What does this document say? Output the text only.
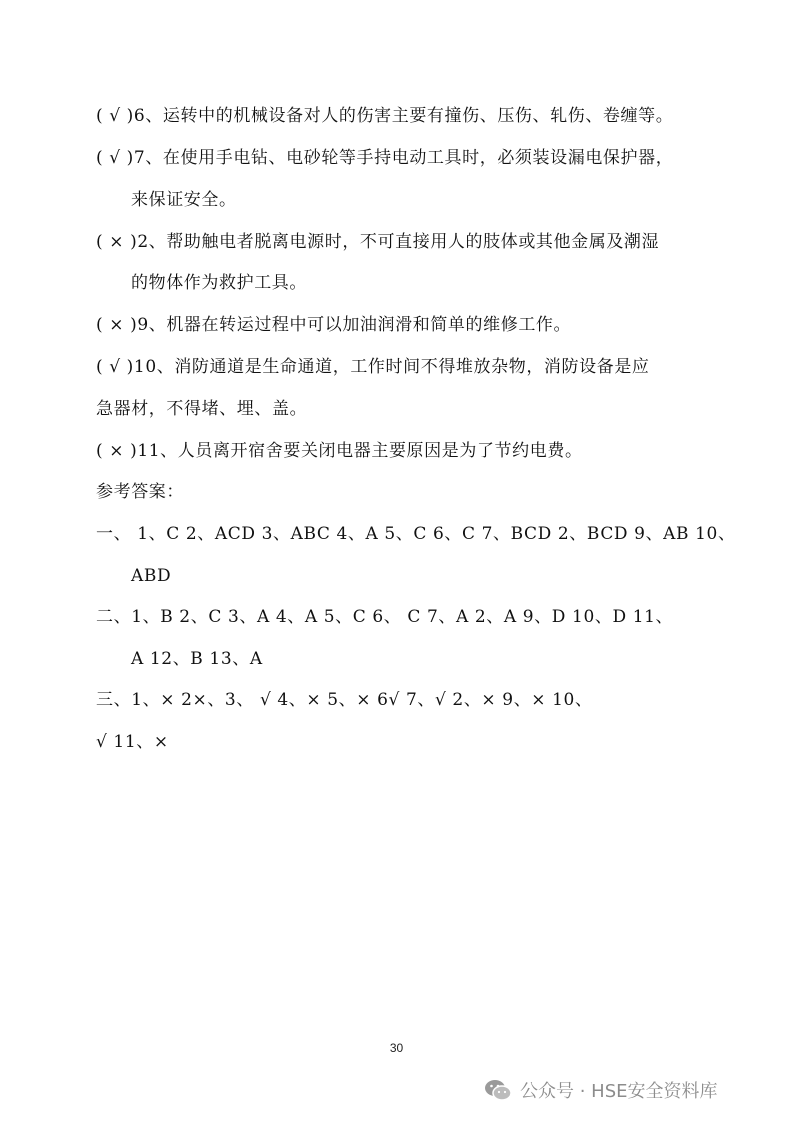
( √ )6、运转中的机械设备对人的伤害主要有撞伤、压伤、轧伤、卷缠等。
( √ )7、在使用手电钻、电砂轮等手持电动工具时，必须装设漏电保护器，
来保证安全。
( × )2、帮助触电者脱离电源时，不可直接用人的肢体或其他金属及潮湿
的物体作为救护工具。
( × )9、机器在转运过程中可以加油润滑和简单的维修工作。
( √ )10、消防通道是生命通道，工作时间不得堆放杂物，消防设备是应
急器材，不得堵、埋、盖。
( × )11、人员离开宿舍要关闭电器主要原因是为了节约电费。
参考答案：
一、 1、C 2、ACD 3、ABC 4、A 5、C 6、C 7、BCD 2、BCD 9、AB 10、
ABD
二、1、B 2、C 3、A 4、A 5、C 6、 C 7、A 2、A 9、D 10、D 11、
A 12、B 13、A
三、1、× 2×、3、 √ 4、× 5、× 6√ 7、√ 2、× 9、× 10、
√ 11、×
30
公众号 · HSE安全资料库
